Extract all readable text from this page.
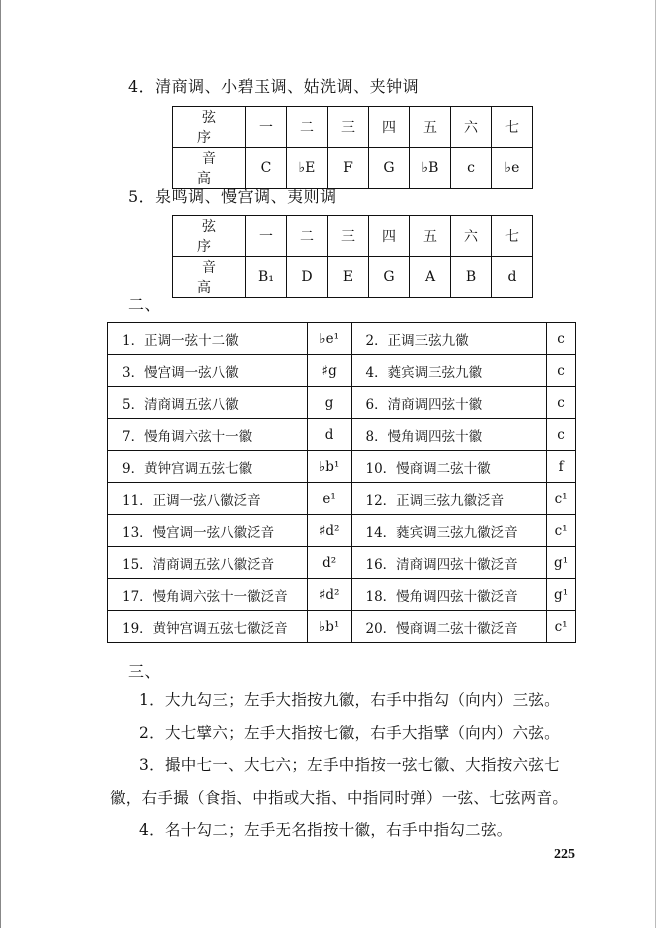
4．清商调、小碧玉调、姑洗调、夹钟调
弦 序	一	二	三	四	五	六	七
音 高	C	♭E	F	G	♭B	c	♭e
5．泉鸣调、慢宫调、夷则调
弦 序	一	二	三	四	五	六	七
音 高	B₁	D	E	G	A	B	d
二、
1．正调一弦十二徽	♭e¹	2．正调三弦九徽	c
3．慢宫调一弦八徽	♯g	4．蕤宾调三弦九徽	c
5．清商调五弦八徽	g	6．清商调四弦十徽	c
7．慢角调六弦十一徽	d	8．慢角调四弦十徽	c
9．黄钟宫调五弦七徽	♭b¹	10．慢商调二弦十徽	f
11．正调一弦八徽泛音	e¹	12．正调三弦九徽泛音	c¹
13．慢宫调一弦八徽泛音	♯d²	14．蕤宾调三弦九徽泛音	c¹
15．清商调五弦八徽泛音	d²	16．清商调四弦十徽泛音	g¹
17．慢角调六弦十一徽泛音	♯d²	18．慢角调四弦十徽泛音	g¹
19．黄钟宫调五弦七徽泛音	♭b¹	20．慢商调二弦十徽泛音	c¹
三、
1．大九勾三；左手大指按九徽，右手中指勾（向内）三弦。
2．大七擘六；左手大指按七徽，右手大指擘（向内）六弦。
3．撮中七一、大七六；左手中指按一弦七徽、大指按六弦七
徽，右手撮（食指、中指或大指、中指同时弹）一弦、七弦两音。
4．名十勾二；左手无名指按十徽，右手中指勾二弦。
225
